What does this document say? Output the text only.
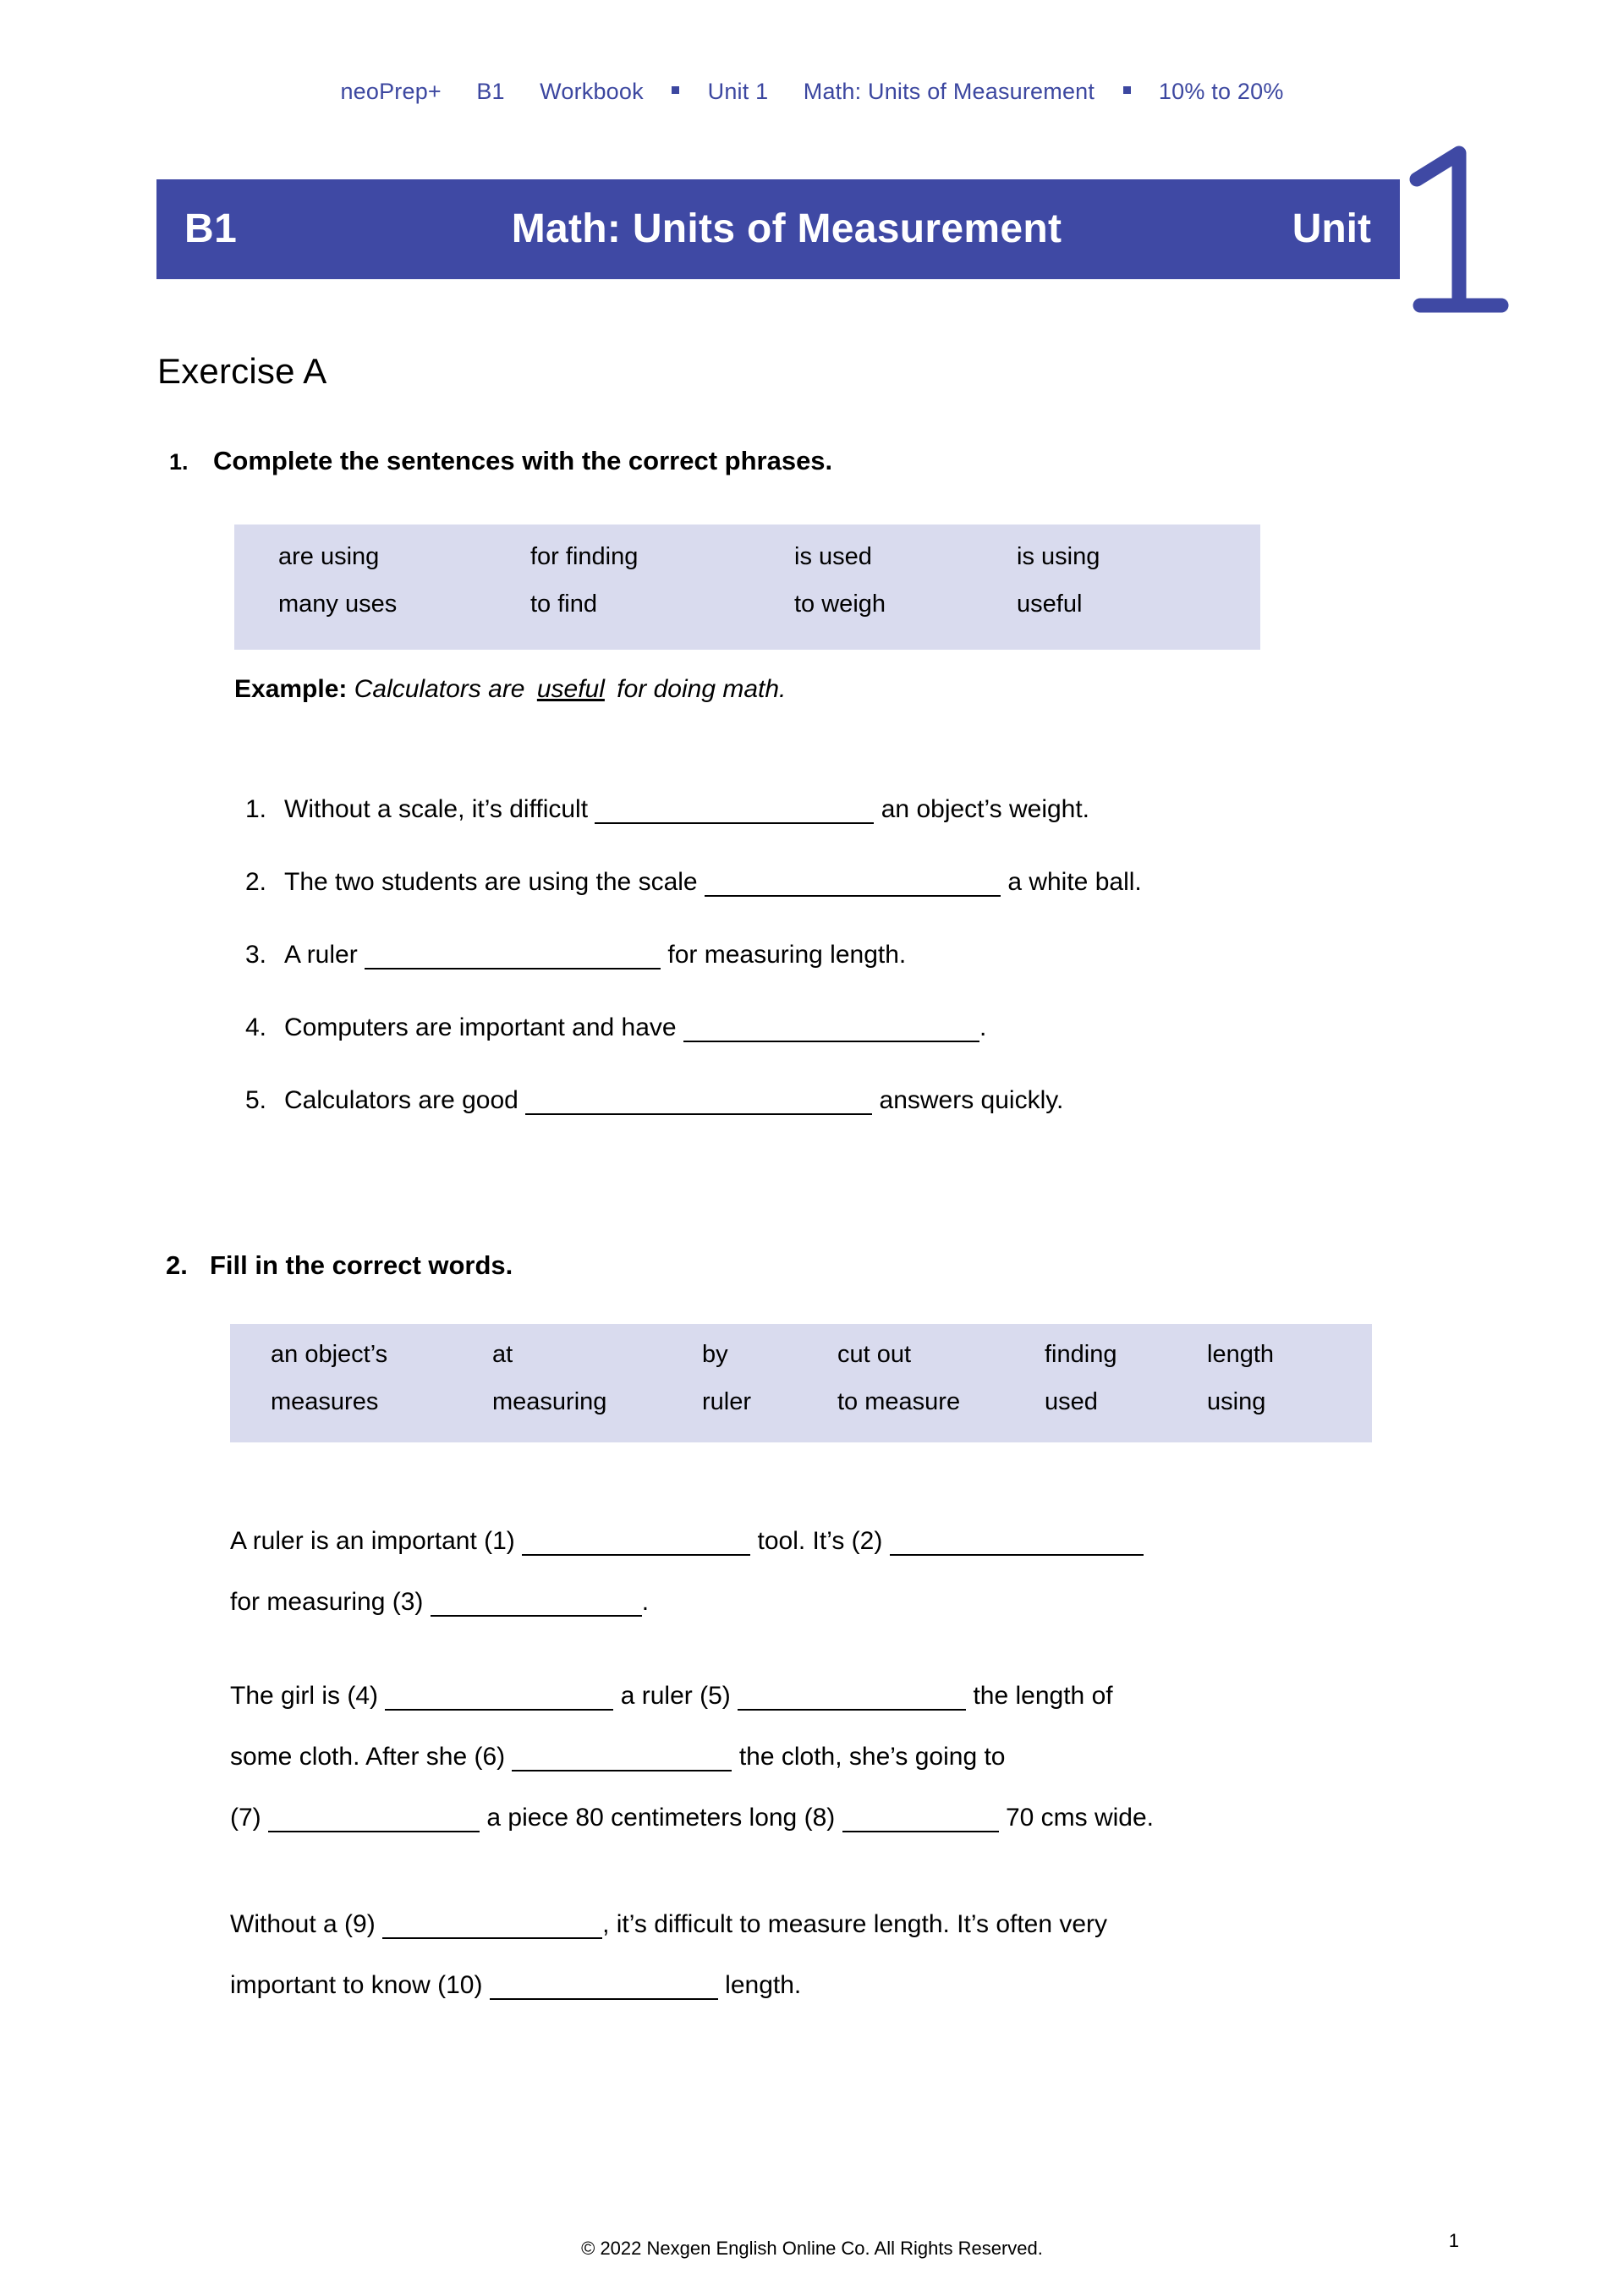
neoPrep+ B1 Workbook	Unit 1 Math: Units of Measurement	10% to 20%
B1	Math: Units of Measurement	Unit
Exercise A
1. Complete the sentences with the correct phrases.
are using	for finding	is used	is using
many uses	to find	to weigh	useful
Example: Calculators are useful for doing math.
1. Without a scale, it’s difficult	an object’s weight.
2. The two students are using the scale	a white ball.
3. A ruler	for measuring length.
4. Computers are important and have	.
5. Calculators are good	answers quickly.
2. Fill in the correct words.
an object’s	at	by	cut out	finding	length
measures	measuring	ruler	to measure	used	using
A ruler is an important (1)	tool. It’s (2)
for measuring (3)	.
The girl is (4)	a ruler (5)	the length of
some cloth. After she (6)	the cloth, she’s going to
(7)	a piece 80 centimeters long (8)	70 cms wide.
Without a (9)	, it’s difficult to measure length. It’s often very
important to know (10)	length.
© 2022 Nexgen English Online Co. All Rights Reserved.	1
